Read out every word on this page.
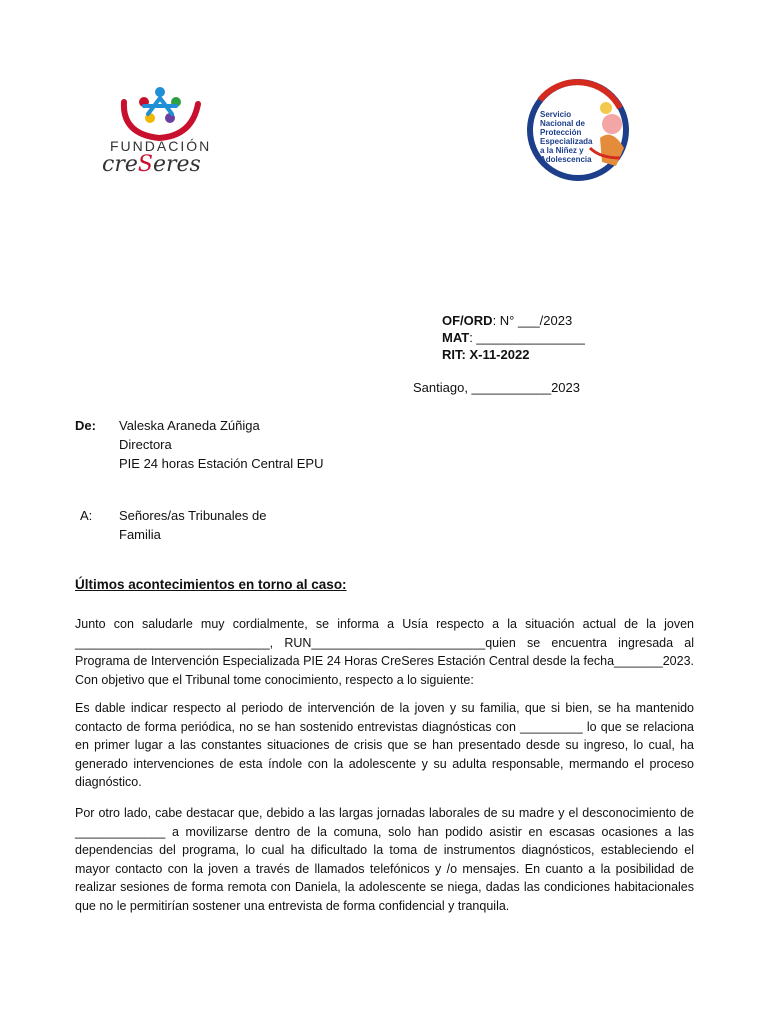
FUNDACIÓN
creSeres
Servicio Nacional de Protección Especializada a la Niñez y Adolescencia
OF/ORD: N° ___/2023
MAT: _______________
RIT: X-11-2022
Santiago, ___________2023
De: Valeska Araneda Zúñiga
Directora
PIE 24 horas Estación Central EPU
A: Señores/as Tribunales de
Familia
Últimos acontecimientos en torno al caso:
Junto con saludarle muy cordialmente, se informa a Usía respecto a la situación actual de la joven ____________________________, RUN_________________________quien se encuentra ingresada al Programa de Intervención Especializada PIE 24 Horas CreSeres Estación Central desde la fecha_______2023. Con objetivo que el Tribunal tome conocimiento, respecto a lo siguiente:
Es dable indicar respecto al periodo de intervención de la joven y su familia, que si bien, se ha mantenido contacto de forma periódica, no se han sostenido entrevistas diagnósticas con _________ lo que se relaciona en primer lugar a las constantes situaciones de crisis que se han presentado desde su ingreso, lo cual, ha generado intervenciones de esta índole con la adolescente y su adulta responsable, mermando el proceso diagnóstico.
Por otro lado, cabe destacar que, debido a las largas jornadas laborales de su madre y el desconocimiento de _____________ a movilizarse dentro de la comuna, solo han podido asistir en escasas ocasiones a las dependencias del programa, lo cual ha dificultado la toma de instrumentos diagnósticos, estableciendo el mayor contacto con la joven a través de llamados telefónicos y /o mensajes. En cuanto a la posibilidad de realizar sesiones de forma remota con Daniela, la adolescente se niega, dadas las condiciones habitacionales que no le permitirían sostener una entrevista de forma confidencial y tranquila.
